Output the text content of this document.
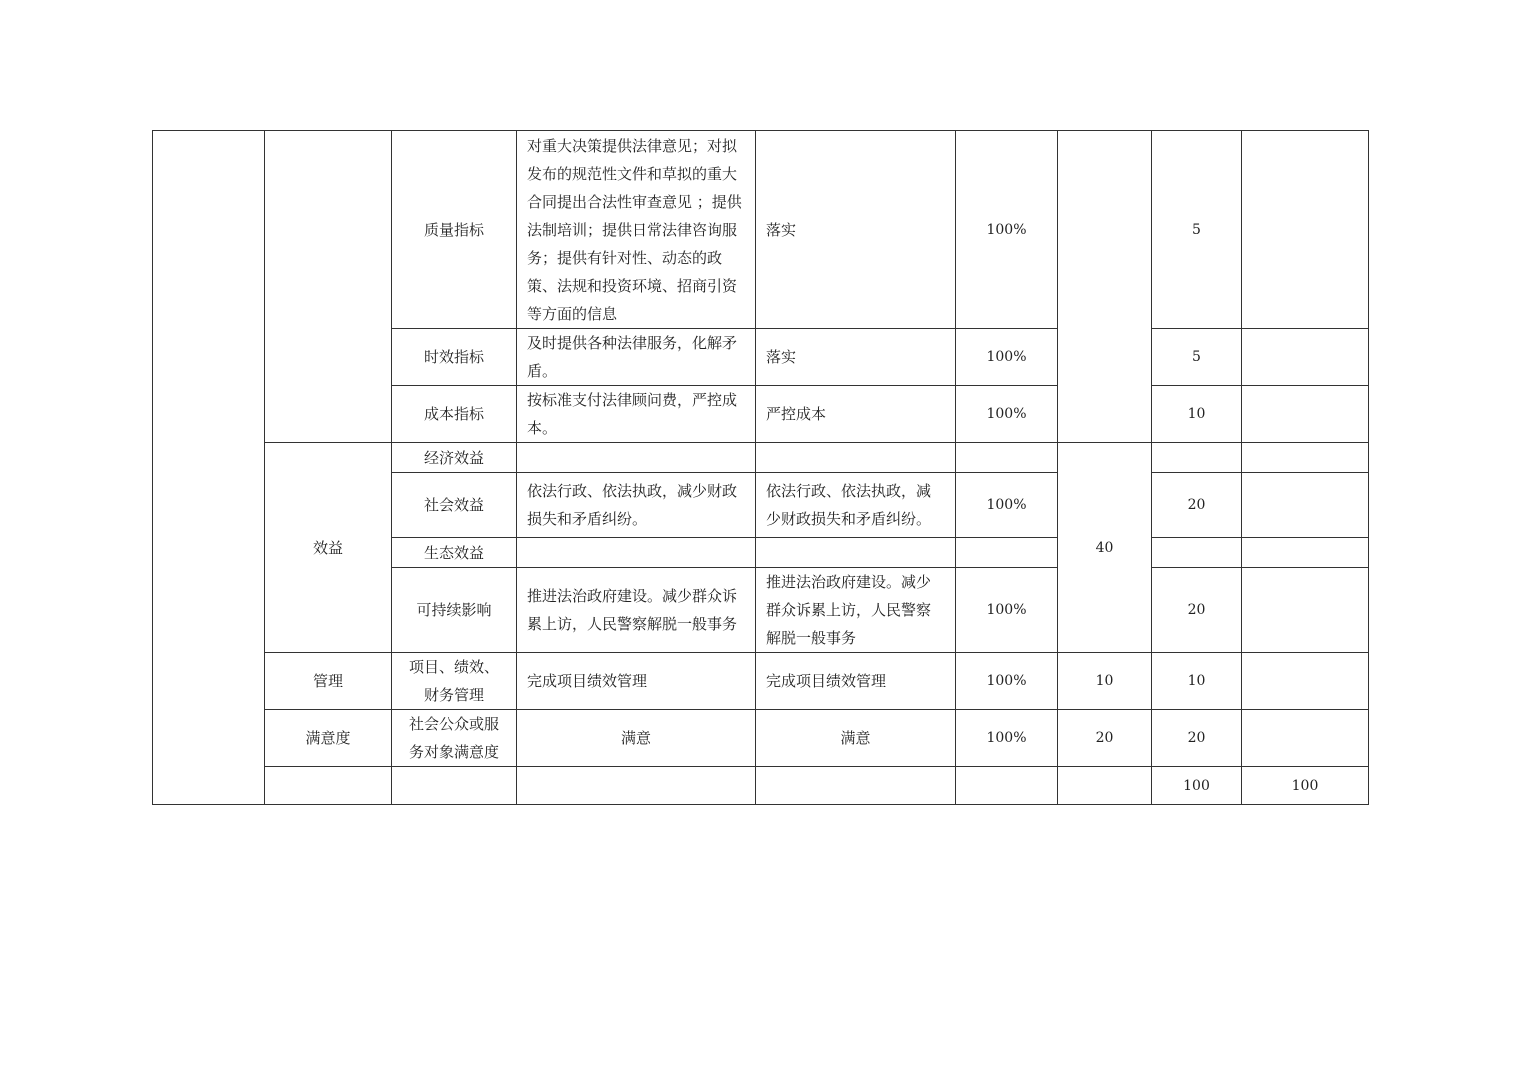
		质量指标	对重大决策提供法律意见；对拟发布的规范性文件和草拟的重大合同提出合法性审查意见 ；提供法制培训；提供日常法律咨询服务；提供有针对性、动态的政策、法规和投资环境、招商引资等方面的信息	落实	100%		5		
		时效指标	及时提供各种法律服务，化解矛盾。	落实	100%		5		
		成本指标	按标准支付法律顾问费，严控成本。	严控成本	100%		10		
	效益	经济效益				40			
		社会效益	依法行政、依法执政，减少财政损失和矛盾纠纷。	依法行政、依法执政，减少财政损失和矛盾纠纷。	100%		20		
		生态效益							
		可持续影响	推进法治政府建设。减少群众诉累上访，人民警察解脱一般事务	推进法治政府建设。减少群众诉累上访，人民警察解脱一般事务	100%		20		
	管理	项目、绩效、财务管理	完成项目绩效管理	完成项目绩效管理	100%	10	10		
	满意度	社会公众或服务对象满意度	满意	满意	100%	20	20		
							100	100	
